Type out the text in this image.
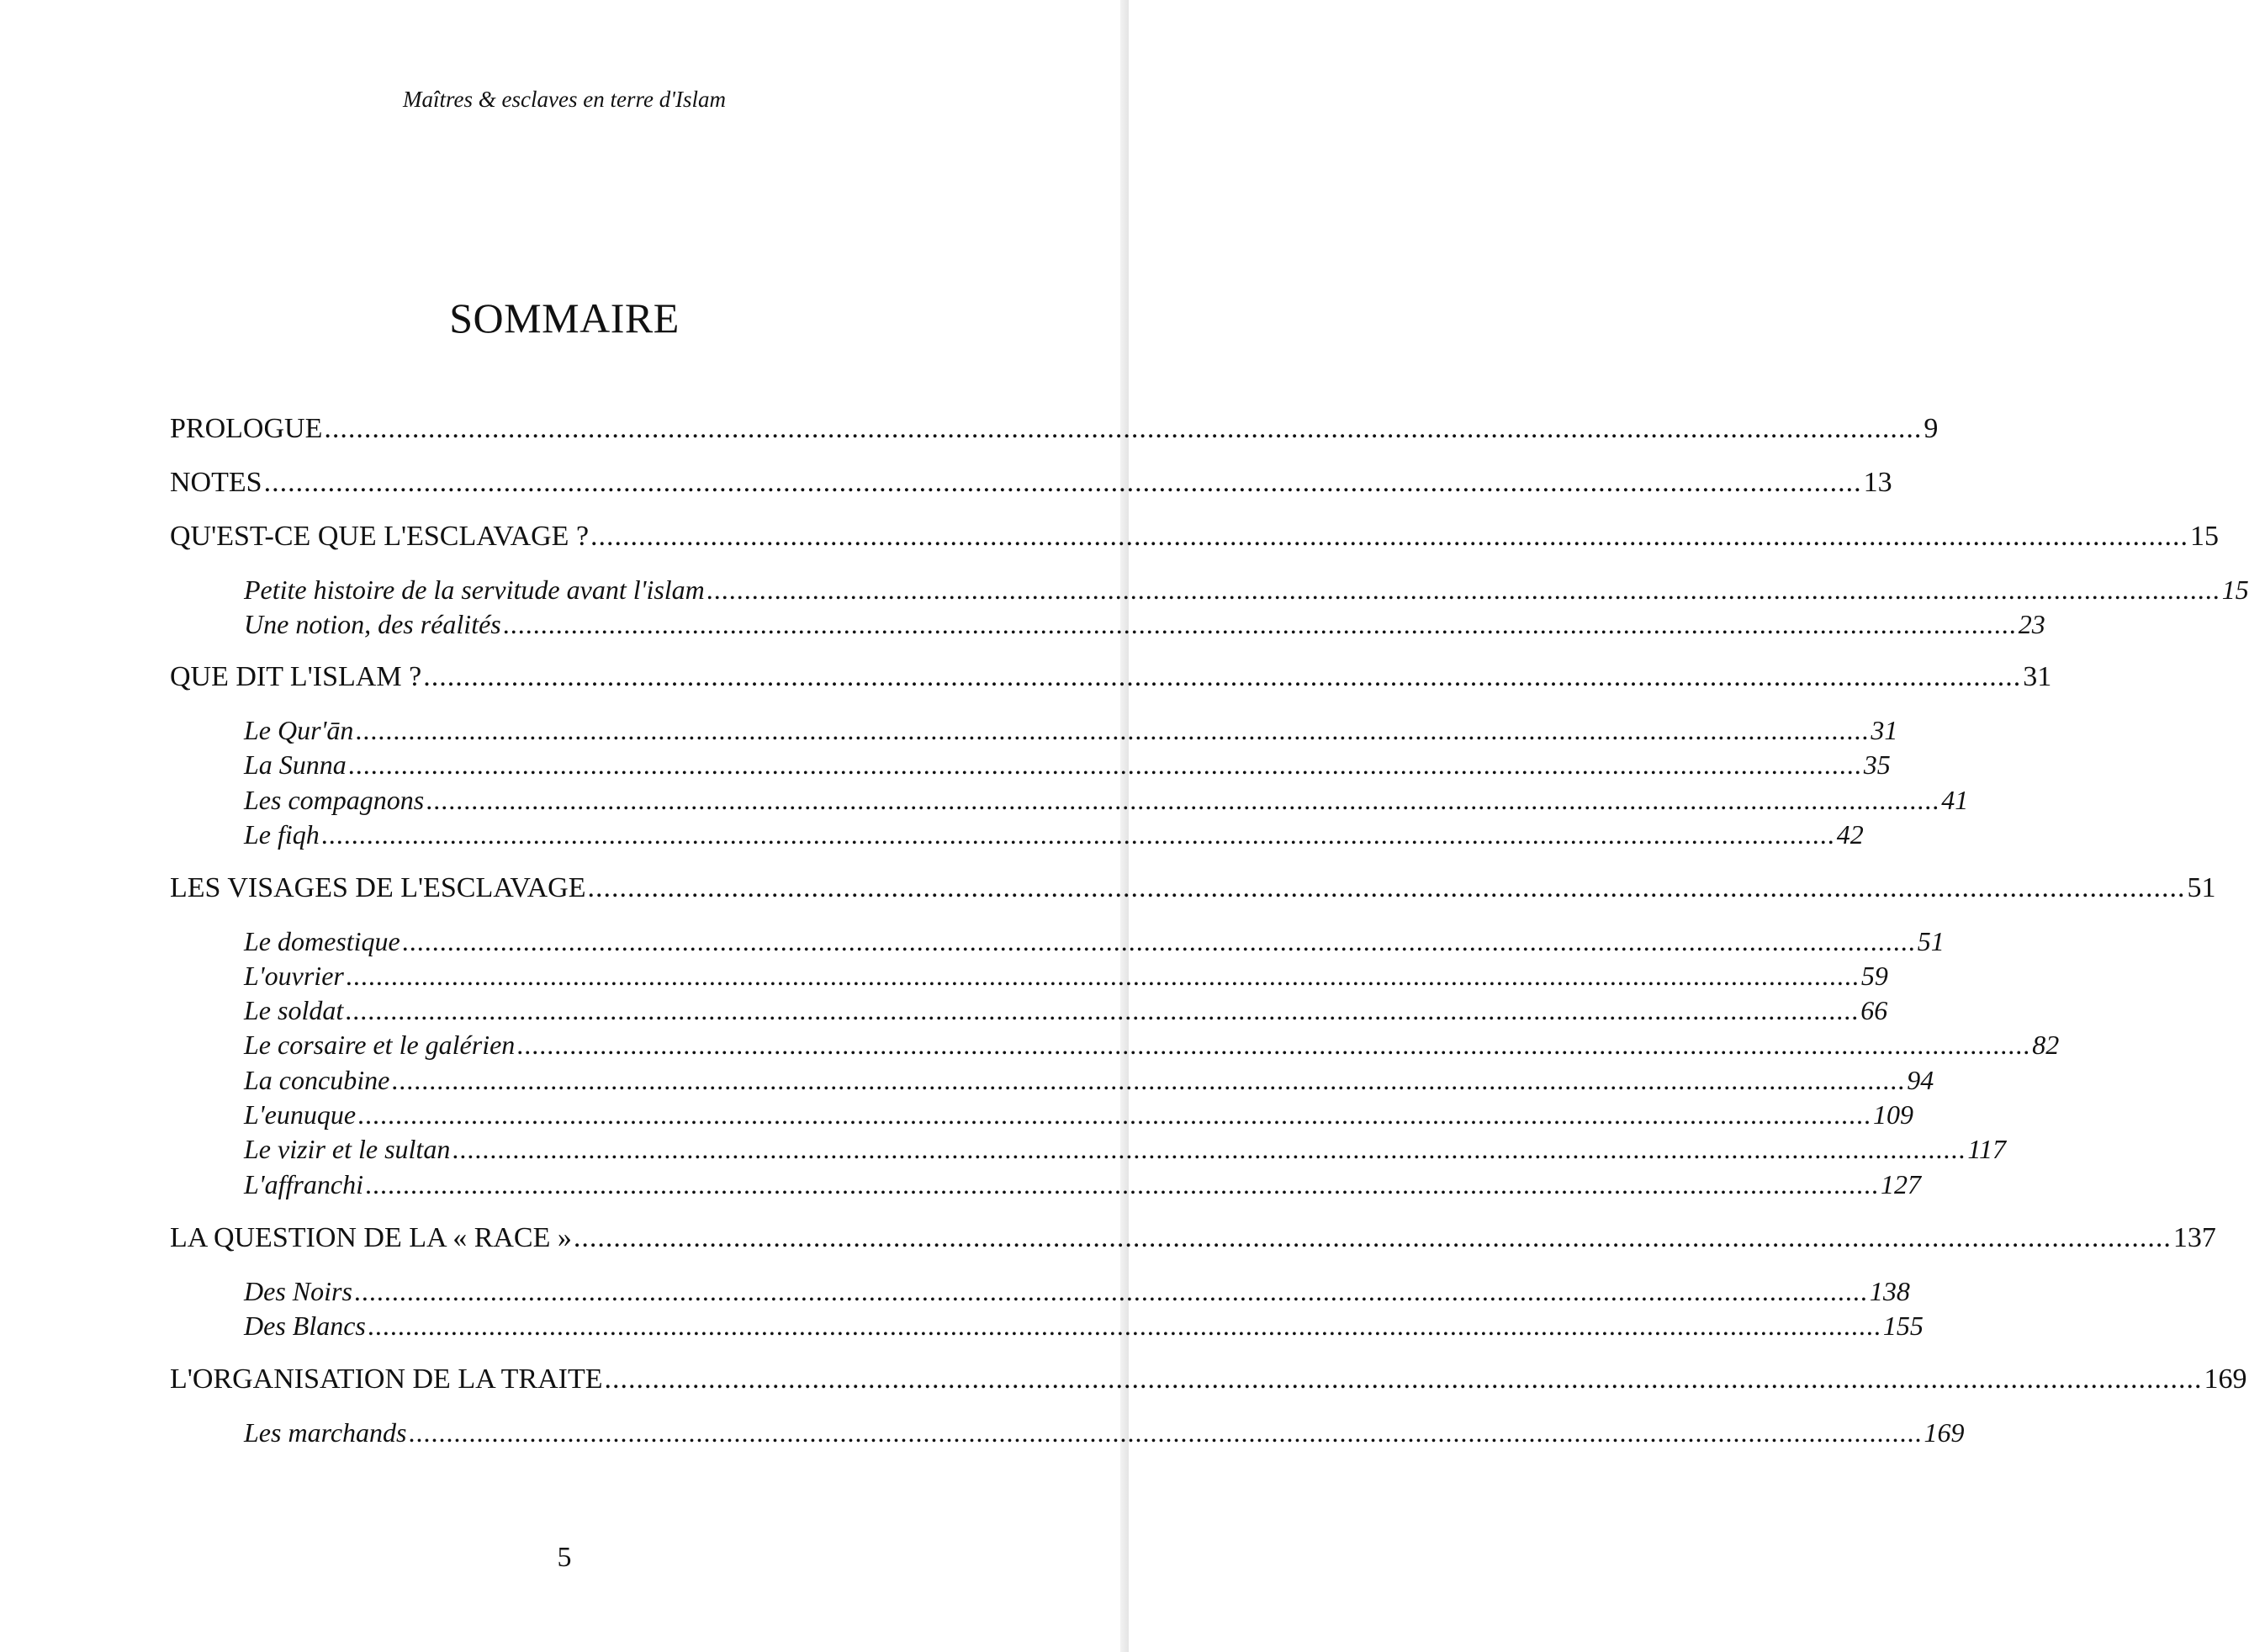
Maîtres & esclaves en terre d'Islam
SOMMAIRE
PROLOGUE ........................................................................................................................................................................................................ 9
NOTES ........................................................................................................................................................................................................ 13
QU'EST-CE QUE L'ESCLAVAGE ? ........................................................................................................................................................................................................ 15
Petite histoire de la servitude avant l'islam ........................................................................................................................................................................................................ 15
Une notion, des réalités ........................................................................................................................................................................................................ 23
QUE DIT L'ISLAM ? ........................................................................................................................................................................................................ 31
Le Qur'ān ........................................................................................................................................................................................................ 31
La Sunna ........................................................................................................................................................................................................ 35
Les compagnons ........................................................................................................................................................................................................ 41
Le fiqh ........................................................................................................................................................................................................ 42
LES VISAGES DE L'ESCLAVAGE ........................................................................................................................................................................................................ 51
Le domestique ........................................................................................................................................................................................................ 51
L'ouvrier ........................................................................................................................................................................................................ 59
Le soldat ........................................................................................................................................................................................................ 66
Le corsaire et le galérien ........................................................................................................................................................................................................ 82
La concubine ........................................................................................................................................................................................................ 94
L'eunuque ........................................................................................................................................................................................................ 109
Le vizir et le sultan ........................................................................................................................................................................................................ 117
L'affranchi ........................................................................................................................................................................................................ 127
LA QUESTION DE LA « RACE » ........................................................................................................................................................................................................ 137
Des Noirs ........................................................................................................................................................................................................ 138
Des Blancs ........................................................................................................................................................................................................ 155
L'ORGANISATION DE LA TRAITE ........................................................................................................................................................................................................ 169
Les marchands ........................................................................................................................................................................................................ 169
5
